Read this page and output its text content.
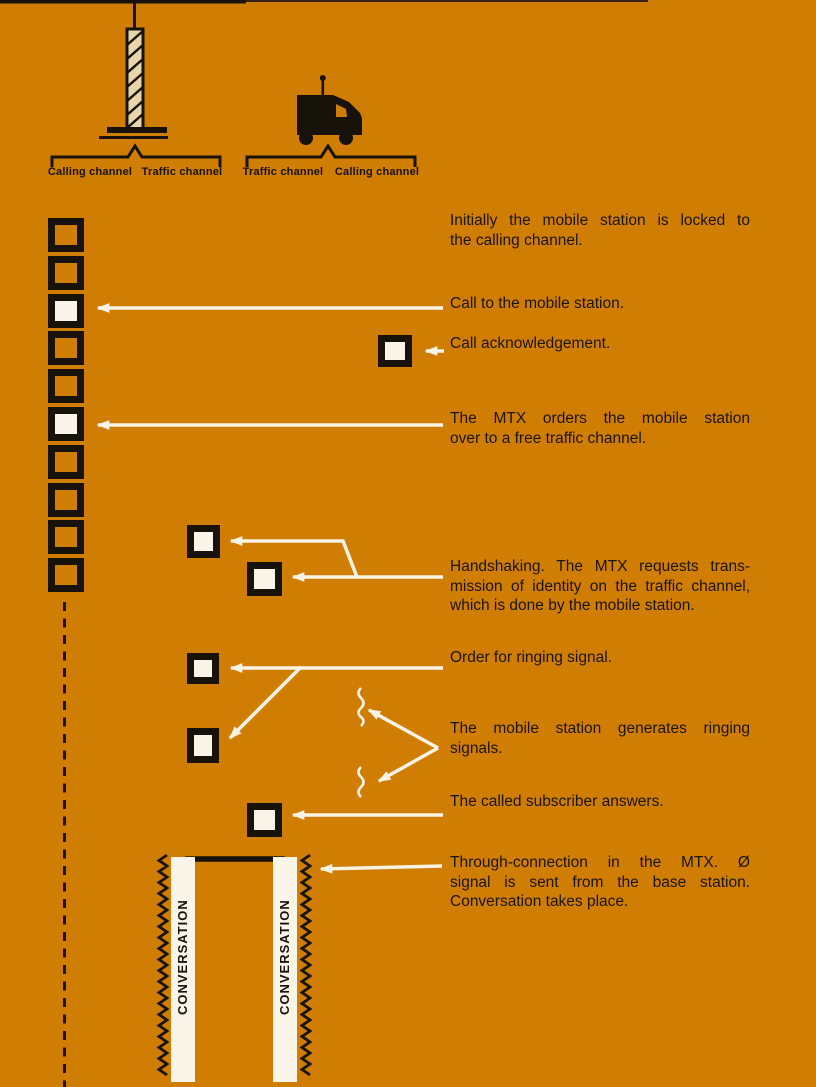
Calling channel Traffic channel Traffic channel Calling channel
Initially the mobile station is locked to
the calling channel.
Call to the mobile station.
Call acknowledgement.
The MTX orders the mobile station
over to a free traffic channel.
Handshaking. The MTX requests trans-
mission of identity on the traffic channel,
which is done by the mobile station.
Order for ringing signal.
The mobile station generates ringing
signals.
The called subscriber answers.
Through-connection in the MTX. Ø
signal is sent from the base station.
Conversation takes place.
CONVERSATION	CONVERSATION
